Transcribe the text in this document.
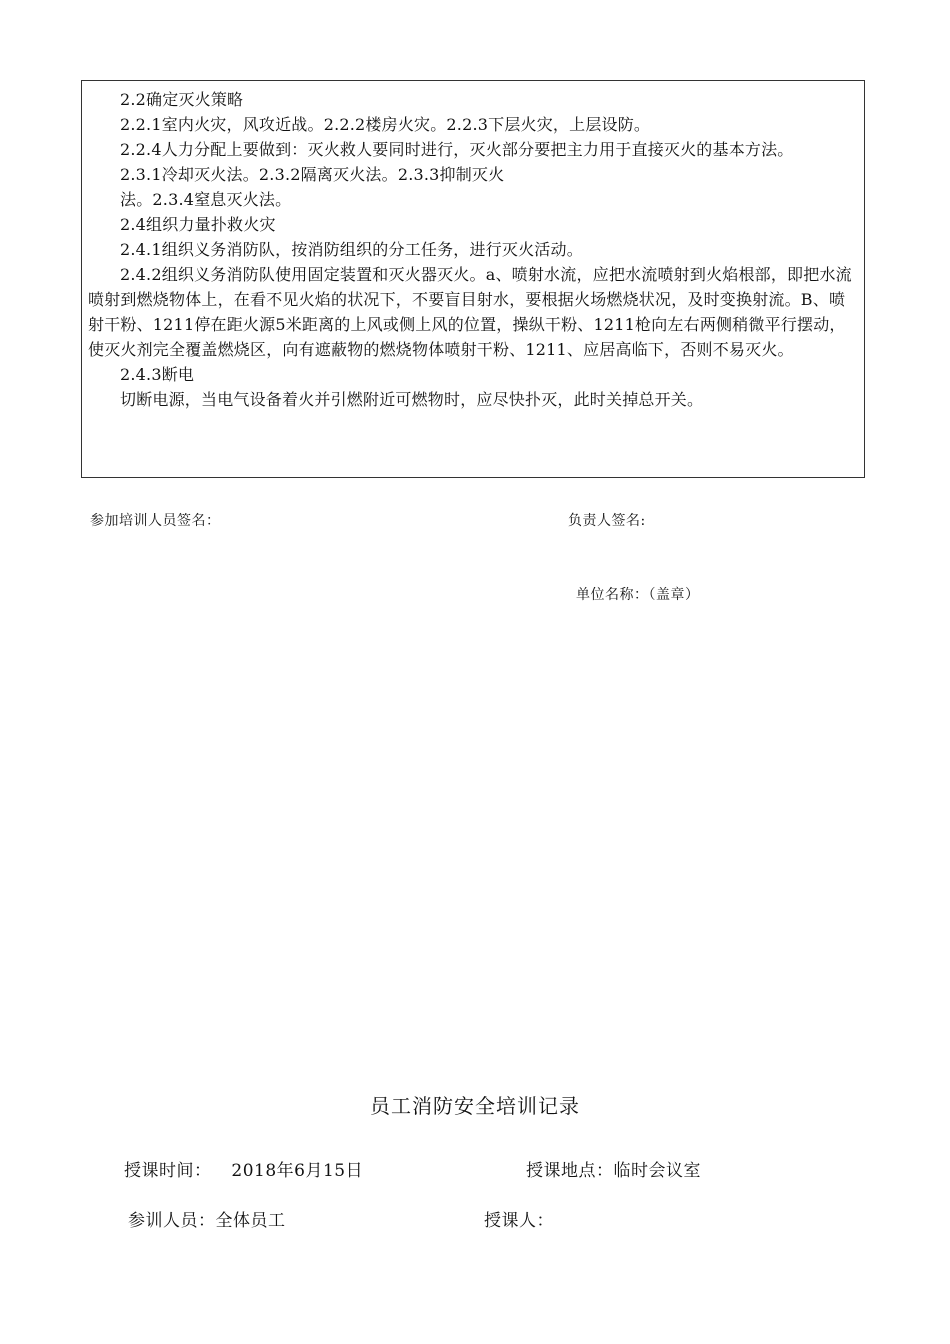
2.2确定灭火策略

2.2.1室内火灾，风攻近战。2.2.2楼房火灾。2.2.3下层火灾，上层设防。

2.2.4人力分配上要做到：灭火救人要同时进行，灭火部分要把主力用于直接灭火的基本方法。

2.3.1冷却灭火法。2.3.2隔离灭火法。2.3.3抑制灭火

法。2.3.4窒息灭火法。

2.4组织力量扑救火灾

2.4.1组织义务消防队，按消防组织的分工任务，进行灭火活动。

2.4.2组织义务消防队使用固定装置和灭火器灭火。a、喷射水流，应把水流喷射到火焰根部，即把水流喷射到燃烧物体上，在看不见火焰的状况下，不要盲目射水，要根据火场燃烧状况，及时变换射流。B、喷射干粉、1211停在距火源5米距离的上风或侧上风的位置，操纵干粉、1211枪向左右两侧稍微平行摆动，使灭火剂完全覆盖燃烧区，向有遮蔽物的燃烧物体喷射干粉、1211、应居高临下，否则不易灭火。

2.4.3断电

切断电源，当电气设备着火并引燃附近可燃物时，应尽快扑灭，此时关掉总开关。

参加培训人员签名：	负责人签名:
单位名称：（盖章）
员工消防安全培训记录
授课时间： 2018年6月15日	授课地点：临时会议室
参训人员：全体员工	授课人：
